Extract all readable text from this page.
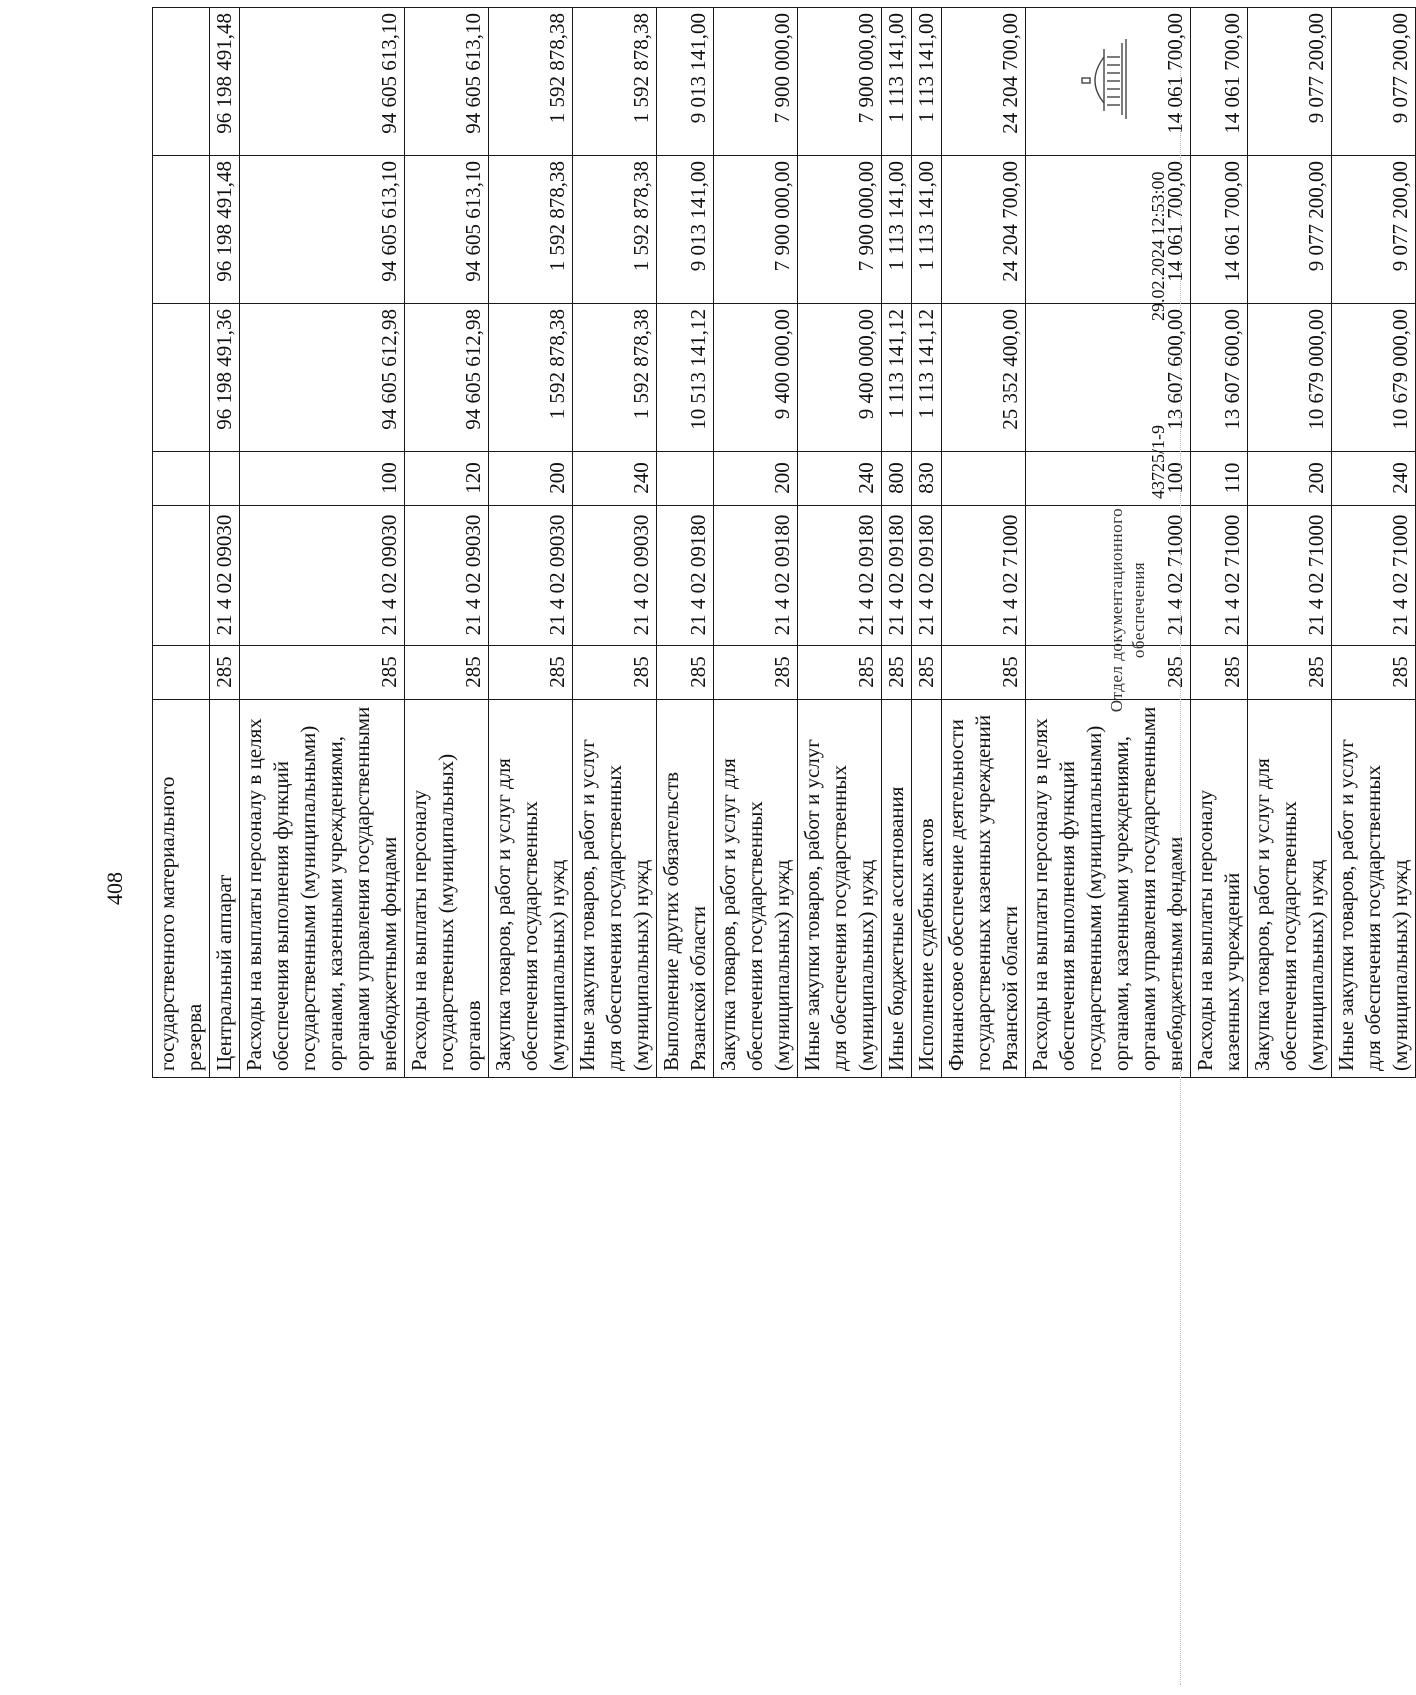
408 государственного материального резерва						
Центральный аппарат	285	21 4 02 09030		96 198 491,36	96 198 491,48	96 198 491,48
Расходы на выплаты персоналу в целях обеспечения выполнения функций государственными (муниципальными) органами, казенными учреждениями, органами управления государственными внебюджетными фондами	285	21 4 02 09030	100	94 605 612,98	94 605 613,10	94 605 613,10
Расходы на выплаты персоналу государственных (муниципальных) органов	285	21 4 02 09030	120	94 605 612,98	94 605 613,10	94 605 613,10
Закупка товаров, работ и услуг для обеспечения государственных (муниципальных) нужд	285	21 4 02 09030	200	1 592 878,38	1 592 878,38	1 592 878,38
Иные закупки товаров, работ и услуг для обеспечения государственных (муниципальных) нужд	285	21 4 02 09030	240	1 592 878,38	1 592 878,38	1 592 878,38
Выполнение других обязательств Рязанской области	285	21 4 02 09180		10 513 141,12	9 013 141,00	9 013 141,00
Закупка товаров, работ и услуг для обеспечения государственных (муниципальных) нужд	285	21 4 02 09180	200	9 400 000,00	7 900 000,00	7 900 000,00
Иные закупки товаров, работ и услуг для обеспечения государственных (муниципальных) нужд	285	21 4 02 09180	240	9 400 000,00	7 900 000,00	7 900 000,00
Иные бюджетные ассигнования	285	21 4 02 09180	800	1 113 141,12	1 113 141,00	1 113 141,00
Исполнение судебных актов	285	21 4 02 09180	830	1 113 141,12	1 113 141,00	1 113 141,00
Финансовое обеспечение деятельности государственных казенных учреждений Рязанской области	285	21 4 02 71000		25 352 400,00	24 204 700,00	24 204 700,00
Расходы на выплаты персоналу в целях обеспечения выполнения функций государственными (муниципальными) органами, казенными учреждениями, органами управления государственными внебюджетными фондами	285	21 4 02 71000	100	13 607 600,00	14 061 700,00	14 061 700,00
Расходы на выплаты персоналу казенных учреждений	285	21 4 02 71000	110	13 607 600,00	14 061 700,00	14 061 700,00
Закупка товаров, работ и услуг для обеспечения государственных (муниципальных) нужд	285	21 4 02 71000	200	10 679 000,00	9 077 200,00	9 077 200,00
Иные закупки товаров, работ и услуг для обеспечения государственных (муниципальных) нужд	285	21 4 02 71000	240	10 679 000,00	9 077 200,00	9 077 200,00
29.02.2024 12:53:00
43725/1-9
Отдел документационного обеспечения
